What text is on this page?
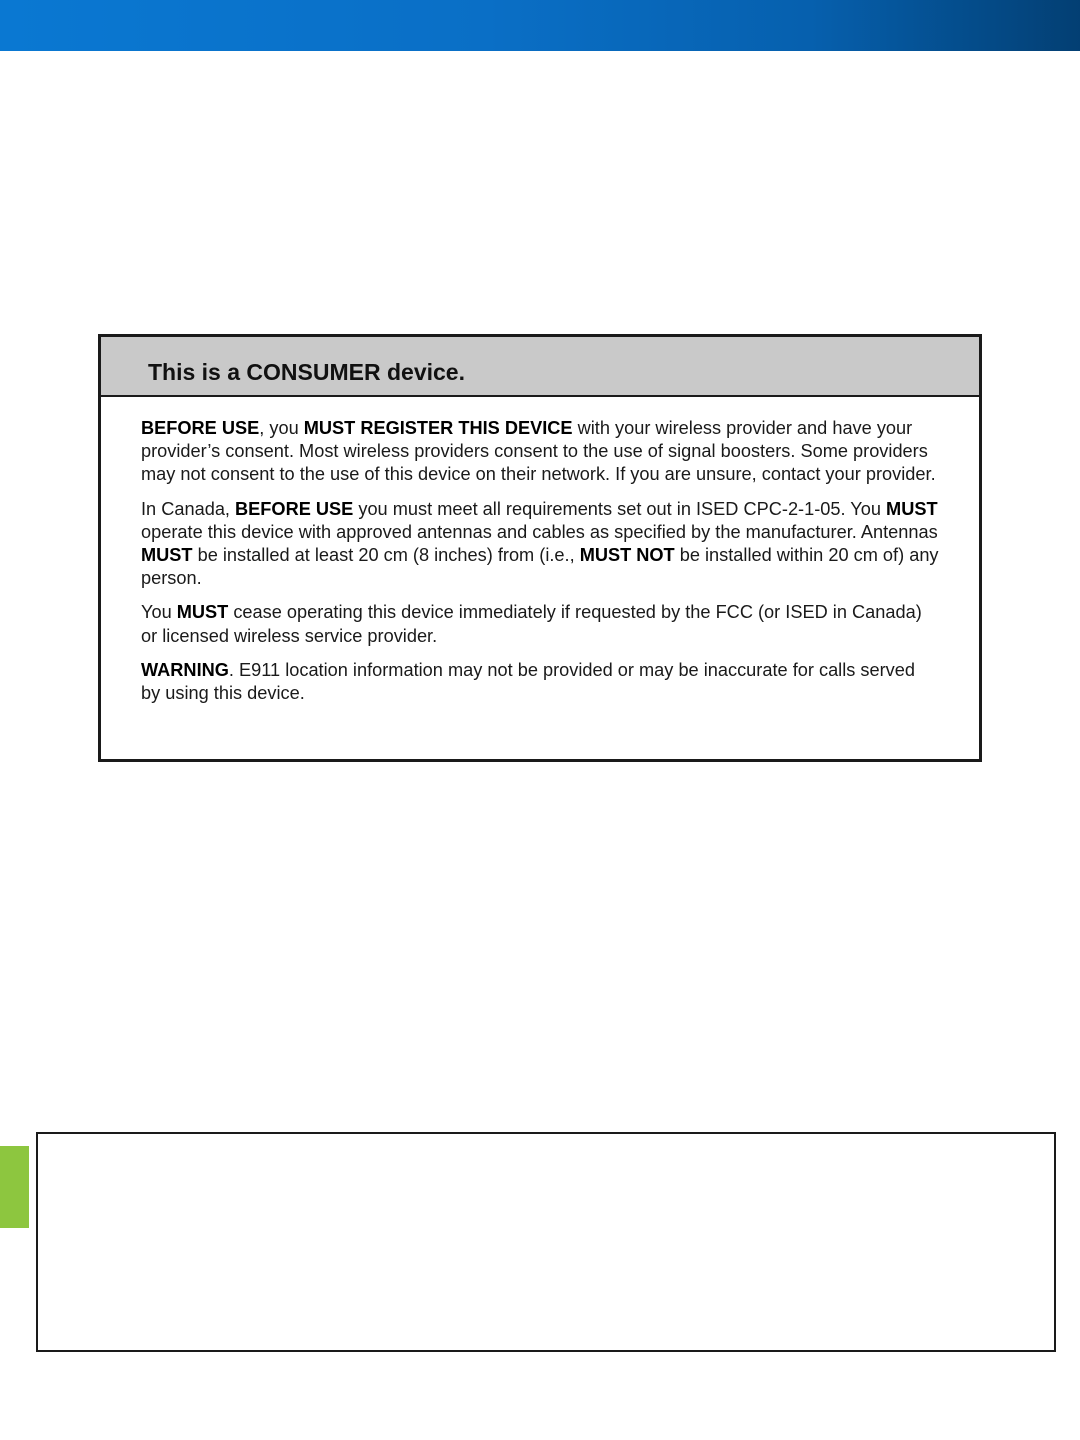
This is a CONSUMER device.

BEFORE USE, you MUST REGISTER THIS DEVICE with your wireless provider and have your provider’s consent. Most wireless providers consent to the use of signal boosters. Some providers may not consent to the use of this device on their network. If you are unsure, contact your provider.

In Canada, BEFORE USE you must meet all requirements set out in ISED CPC-2-1-05. You MUST operate this device with approved antennas and cables as specified by the manufacturer. Antennas MUST be installed at least 20 cm (8 inches) from (i.e., MUST NOT be installed within 20 cm of) any person.

You MUST cease operating this device immediately if requested by the FCC (or ISED in Canada) or licensed wireless service provider.

WARNING. E911 location information may not be provided or may be inaccurate for calls served by using this device.
